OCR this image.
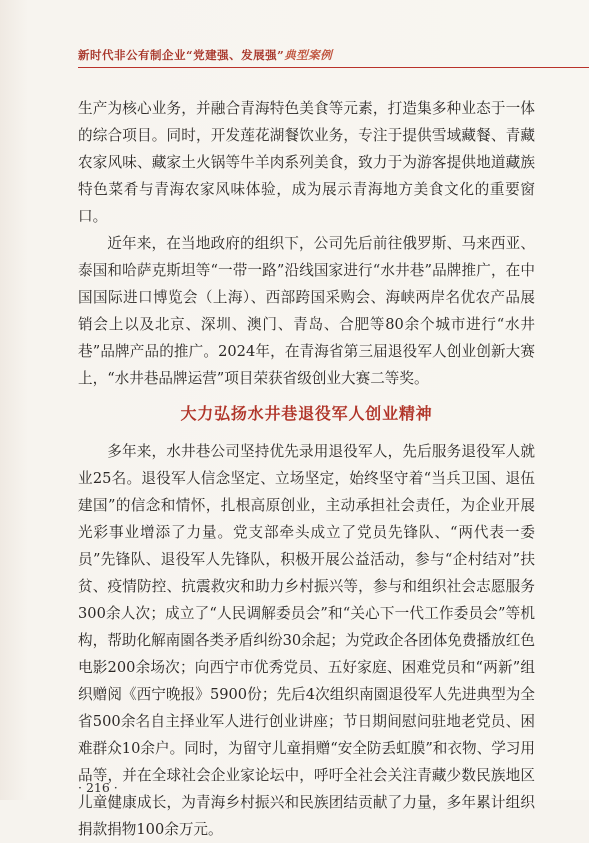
新时代非公有制企业“党建强、发展强”典型案例

生产为核心业务，并融合青海特色美食等元素，打造集多种业态于一体的综合项目。同时，开发莲花湖餐饮业务，专注于提供雪域藏餐、青藏农家风味、藏家土火锅等牛羊肉系列美食，致力于为游客提供地道藏族特色菜肴与青海农家风味体验，成为展示青海地方美食文化的重要窗口。

近年来，在当地政府的组织下，公司先后前往俄罗斯、马来西亚、泰国和哈萨克斯坦等“一带一路”沿线国家进行“水井巷”品牌推广，在中国国际进口博览会（上海）、西部跨国采购会、海峡两岸名优农产品展销会上以及北京、深圳、澳门、青岛、合肥等80余个城市进行“水井巷”品牌产品的推广。2024年，在青海省第三届退役军人创业创新大赛上，“水井巷品牌运营”项目荣获省级创业大赛二等奖。

大力弘扬水井巷退役军人创业精神

多年来，水井巷公司坚持优先录用退役军人，先后服务退役军人就业25名。退役军人信念坚定、立场坚定，始终坚守着“当兵卫国、退伍建国”的信念和情怀，扎根高原创业，主动承担社会责任，为企业开展光彩事业增添了力量。党支部牵头成立了党员先锋队、“两代表一委员”先锋队、退役军人先锋队，积极开展公益活动，参与“企村结对”扶贫、疫情防控、抗震救灾和助力乡村振兴等，参与和组织社会志愿服务300余人次；成立了“人民调解委员会”和“关心下一代工作委员会”等机构，帮助化解南園各类矛盾纠纷30余起；为党政企各团体免费播放红色电影200余场次；向西宁市优秀党员、五好家庭、困难党员和“两新”组织赠阅《西宁晚报》5900份；先后4次组织南園退役军人先进典型为全省500余名自主择业军人进行创业讲座；节日期间慰问驻地老党员、困难群众10余户。同时，为留守儿童捐赠“安全防丢虹膜”和衣物、学习用品等，并在全球社会企业家论坛中，呼吁全社会关注青藏少数民族地区儿童健康成长，为青海乡村振兴和民族团结贡献了力量，多年累计组织捐款捐物100余万元。

· 216 ·
